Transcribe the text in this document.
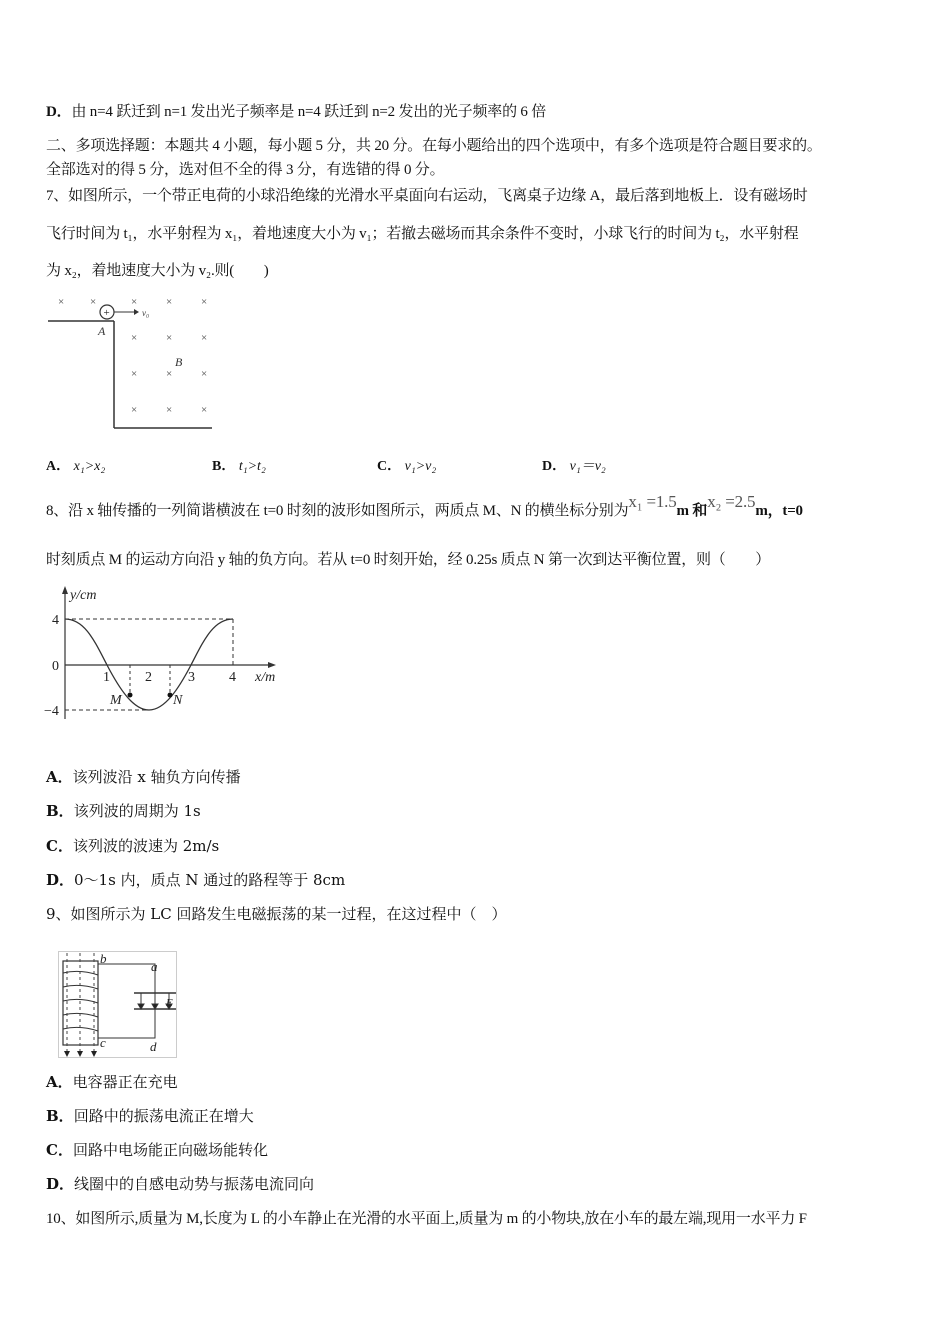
D．由 n=4 跃迁到 n=1 发出光子频率是 n=4 跃迁到 n=2 发出的光子频率的 6 倍
二、多项选择题：本题共 4 小题，每小题 5 分，共 20 分。在每小题给出的四个选项中，有多个选项是符合题目要求的。
全部选对的得 5 分，选对但不全的得 3 分，有选错的得 0 分。
7、如图所示，一个带正电荷的小球沿绝缘的光滑水平桌面向右运动，飞离桌子边缘 A，最后落到地板上．设有磁场时
飞行时间为 t₁，水平射程为 x₁，着地速度大小为 v₁；若撤去磁场而其余条件不变时，小球飞行的时间为 t₂，水平射程
为 x₂，着地速度大小为 v₂.则(　　)
× ×	×	×	×
×	×	×
×	×	×
×	×	×
+	v₀
A
B
A． x₁>x₂	B． t₁>t₂	C． v₁>v₂	D． v₁＝v₂
8、沿 x 轴传播的一列简谐横波在 t=0 时刻的波形如图所示，两质点 M、N 的横坐标分别为x₁ =1.5m 和x₂ =2.5m，t=0
时刻质点 M 的运动方向沿 y 轴的负方向。若从 t=0 时刻开始，经 0.25s 质点 N 第一次到达平衡位置，则（　　）
y/cm
4
0
−4
1	2	3 4 x/m
M	N
A．该列波沿 x 轴负方向传播
B．该列波的周期为 1s
C．该列波的波速为 2m/s
D．0～1s 内，质点 N 通过的路程等于 8cm
9、如图所示为 LC 回路发生电磁振荡的某一过程，在这过程中（　）
b
a
c	d
E
A．电容器正在充电
B．回路中的振荡电流正在增大
C．回路中电场能正向磁场能转化
D．线圈中的自感电动势与振荡电流同向
10、如图所示,质量为 M,长度为 L 的小车静止在光滑的水平面上,质量为 m 的小物块,放在小车的最左端,现用一水平力 F
